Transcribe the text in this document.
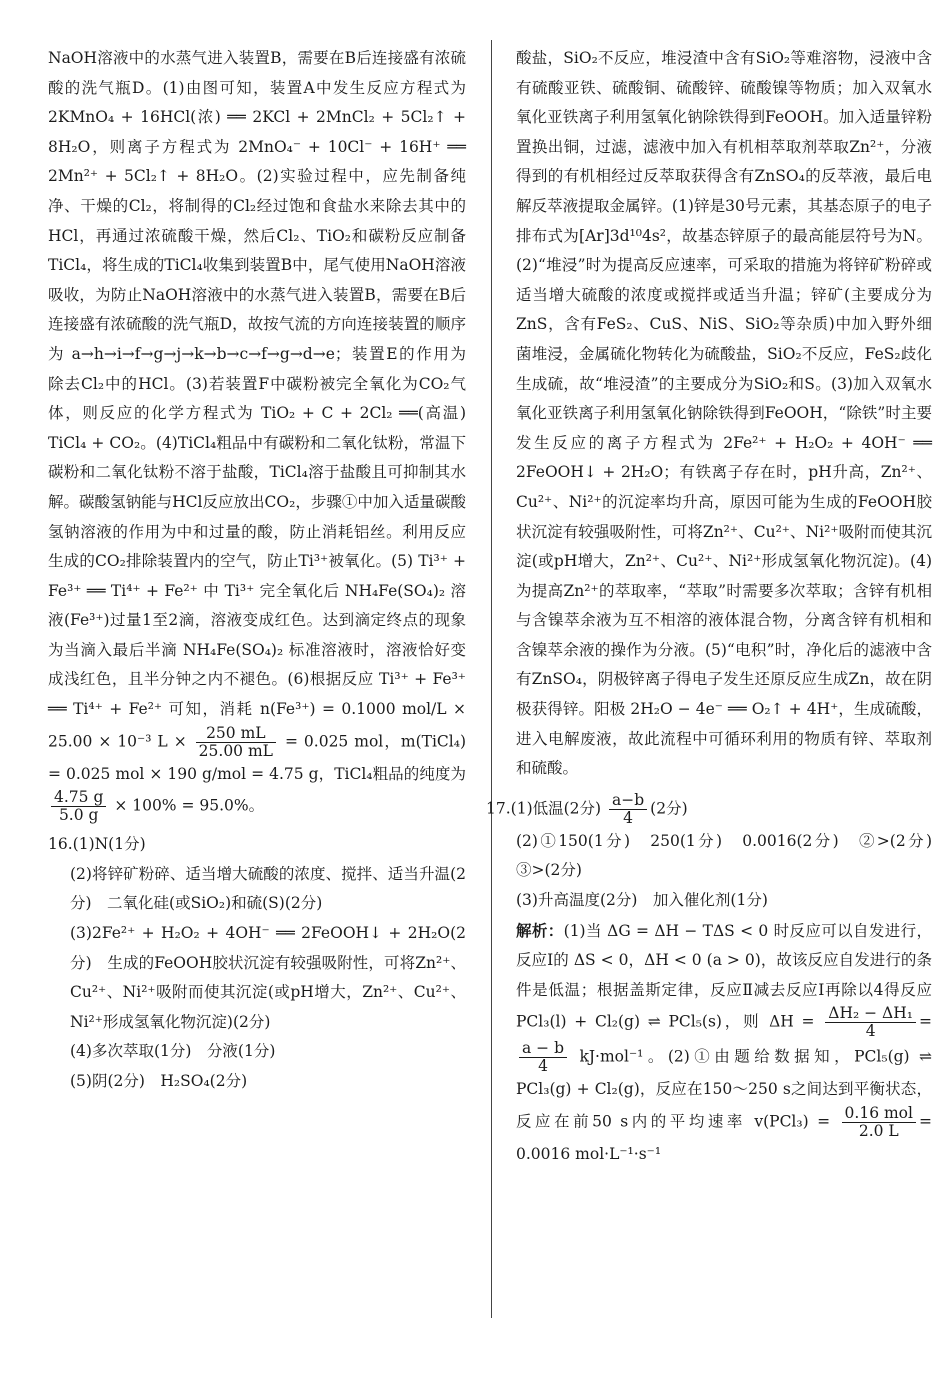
NaOH溶液中的水蒸气进入装置B，需要在B后连接盛有浓硫酸的洗气瓶D。(1)由图可知，装置A中发生反应方程式为 2KMnO₄ + 16HCl(浓) ══ 2KCl + 2MnCl₂ + 5Cl₂↑ + 8H₂O，则离子方程式为 2MnO₄⁻ + 10Cl⁻ + 16H⁺ ══ 2Mn²⁺ + 5Cl₂↑ + 8H₂O。(2)实验过程中，应先制备纯净、干燥的Cl₂，将制得的Cl₂经过饱和食盐水来除去其中的HCl，再通过浓硫酸干燥，然后Cl₂、TiO₂和碳粉反应制备TiCl₄，将生成的TiCl₄收集到装置B中，尾气使用NaOH溶液吸收，为防止NaOH溶液中的水蒸气进入装置B，需要在B后连接盛有浓硫酸的洗气瓶D，故按气流的方向连接装置的顺序为 a→h→i→f→g→j→k→b→c→f→g→d→e；装置E的作用为除去Cl₂中的HCl。(3)若装置F中碳粉被完全氧化为CO₂气体，则反应的化学方程式为 TiO₂ + C + 2Cl₂ ══(高温) TiCl₄ + CO₂。(4)TiCl₄粗品中有碳粉和二氧化钛粉，常温下碳粉和二氧化钛粉不溶于盐酸，TiCl₄溶于盐酸且可抑制其水解。碳酸氢钠能与HCl反应放出CO₂，步骤①中加入适量碳酸氢钠溶液的作用为中和过量的酸，防止消耗铝丝。利用反应生成的CO₂排除装置内的空气，防止Ti³⁺被氧化。(5) Ti³⁺ + Fe³⁺ ══ Ti⁴⁺ + Fe²⁺ 中 Ti³⁺ 完全氧化后 NH₄Fe(SO₄)₂ 溶液(Fe³⁺)过量1至2滴，溶液变成红色。达到滴定终点的现象为当滴入最后半滴 NH₄Fe(SO₄)₂ 标准溶液时，溶液恰好变成浅红色，且半分钟之内不褪色。(6)根据反应 Ti³⁺ + Fe³⁺ ══ Ti⁴⁺ + Fe²⁺ 可知，消耗 n(Fe³⁺) = 0.1000 mol/L × 25.00 × 10⁻³ $L \times \frac{250 mL}{25.00 mL} = 0.025$ mol，m(TiCl₄) = 0.025 mol × 190 g/mol = 4.75 g，TiCl₄粗品的纯度为
$\frac{4.75 g}{5.0 g} \times 100\% = 95.0\%$。

16.(1)N(1分)

(2)将锌矿粉碎、适当增大硫酸的浓度、搅拌、适当升温(2分)　二氧化硅(或SiO₂)和硫(S)(2分)

(3)2Fe²⁺ + H₂O₂ + 4OH⁻ ══ 2FeOOH↓ + 2H₂O(2分)　生成的FeOOH胶状沉淀有较强吸附性，可将Zn²⁺、Cu²⁺、Ni²⁺吸附而使其沉淀(或pH增大，Zn²⁺、Cu²⁺、Ni²⁺形成氢氧化物沉淀)(2分)

(4)多次萃取(1分)　分液(1分)

(5)阴(2分)　H₂SO₄(2分)

酸盐，SiO₂不反应，堆浸渣中含有SiO₂等难溶物，浸液中含有硫酸亚铁、硫酸铜、硫酸锌、硫酸镍等物质；加入双氧水氧化亚铁离子利用氢氧化钠除铁得到FeOOH。加入适量锌粉置换出铜，过滤，滤液中加入有机相萃取剂萃取Zn²⁺，分液得到的有机相经过反萃取获得含有ZnSO₄的反萃液，最后电解反萃液提取金属锌。(1)锌是30号元素，其基态原子的电子排布式为[Ar]3d¹⁰4s²，故基态锌原子的最高能层符号为N。(2)“堆浸”时为提高反应速率，可采取的措施为将锌矿粉碎或适当增大硫酸的浓度或搅拌或适当升温；锌矿(主要成分为ZnS，含有FeS₂、CuS、NiS、SiO₂等杂质)中加入野外细菌堆浸，金属硫化物转化为硫酸盐，SiO₂不反应，FeS₂歧化生成硫，故“堆浸渣”的主要成分为SiO₂和S。(3)加入双氧水氧化亚铁离子利用氢氧化钠除铁得到FeOOH，“除铁”时主要发生反应的离子方程式为 2Fe²⁺ + H₂O₂ + 4OH⁻ ══ 2FeOOH↓ + 2H₂O；有铁离子存在时，pH升高，Zn²⁺、Cu²⁺、Ni²⁺的沉淀率均升高，原因可能为生成的FeOOH胶状沉淀有较强吸附性，可将Zn²⁺、Cu²⁺、Ni²⁺吸附而使其沉淀(或pH增大，Zn²⁺、Cu²⁺、Ni²⁺形成氢氧化物沉淀)。(4)为提高Zn²⁺的萃取率，“萃取”时需要多次萃取；含锌有机相与含镍萃余液为互不相溶的液体混合物，分离含锌有机相和含镍萃余液的操作为分液。(5)“电积”时，净化后的滤液中含有ZnSO₄，阴极锌离子得电子发生还原反应生成Zn，故在阴极获得锌。阳极 2H₂O − 4e⁻ ══ O₂↑ + 4H⁺，生成硫酸，进入电解废液，故此流程中可循环利用的物质有锌、萃取剂和硫酸。

17.(1)低温(2分) $\frac{a-b}{4} (2$分)

(2)①150(1分)　250(1分)　0.0016(2分)　②>(2分)　③>(2分)

(3)升高温度(2分)　加入催化剂(1分)

解析：(1)当 ΔG = ΔH − TΔS < 0 时反应可以自发进行，反应Ⅰ的 ΔS < 0，ΔH < 0 (a > 0)，故该反应自发进行的条件是低温；根据盖斯定律，反应Ⅱ减去反应Ⅰ再除以4得反应 PCl₃(l) + Cl₂(g) ⇌ PCl₅(s)，则 $\Delta H = \frac{\text{ΔH₂ − ΔH₁}}{4}$ =
$\frac{a - b}{4} kJ\cdot mol^{-1}$。(2)①由题给数据知，PCl₅(g) ⇌ PCl₃(g) + Cl₂(g)，反应在150～250 s之间达到平衡状态，反应在前50 s内的平均速率 $v(PCl_3) = \frac{\text{0.16 mol}}{2.0 L} = 0.0016$ mol·L⁻¹·s⁻¹
